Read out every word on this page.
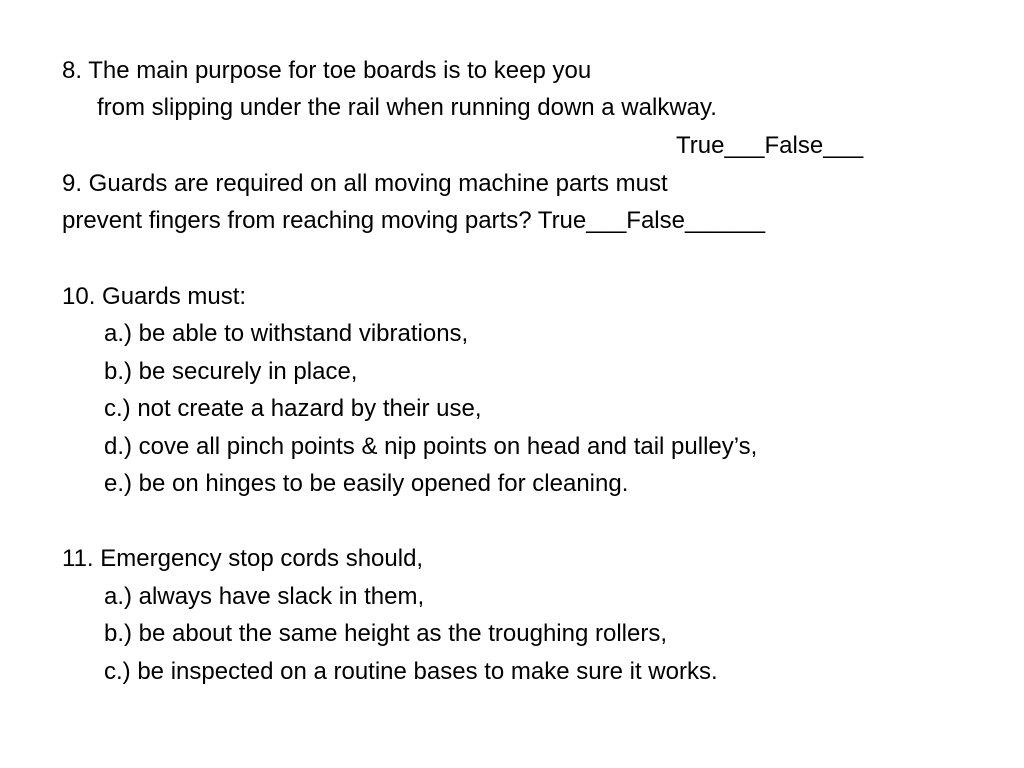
8. The main purpose for toe boards is to keep you
from slipping under the rail when running down a walkway.
True___False___
9. Guards are required on all moving machine parts must
prevent fingers from reaching moving parts? True___False______
10. Guards must:
a.) be able to withstand vibrations,
b.) be securely in place,
c.) not create a hazard by their use,
d.) cove all pinch points & nip points on head and tail pulley’s,
e.) be on hinges to be easily opened for cleaning.
11. Emergency stop cords should,
a.) always have slack in them,
b.) be about the same height as the troughing rollers,
c.) be inspected on a routine bases to make sure it works.
